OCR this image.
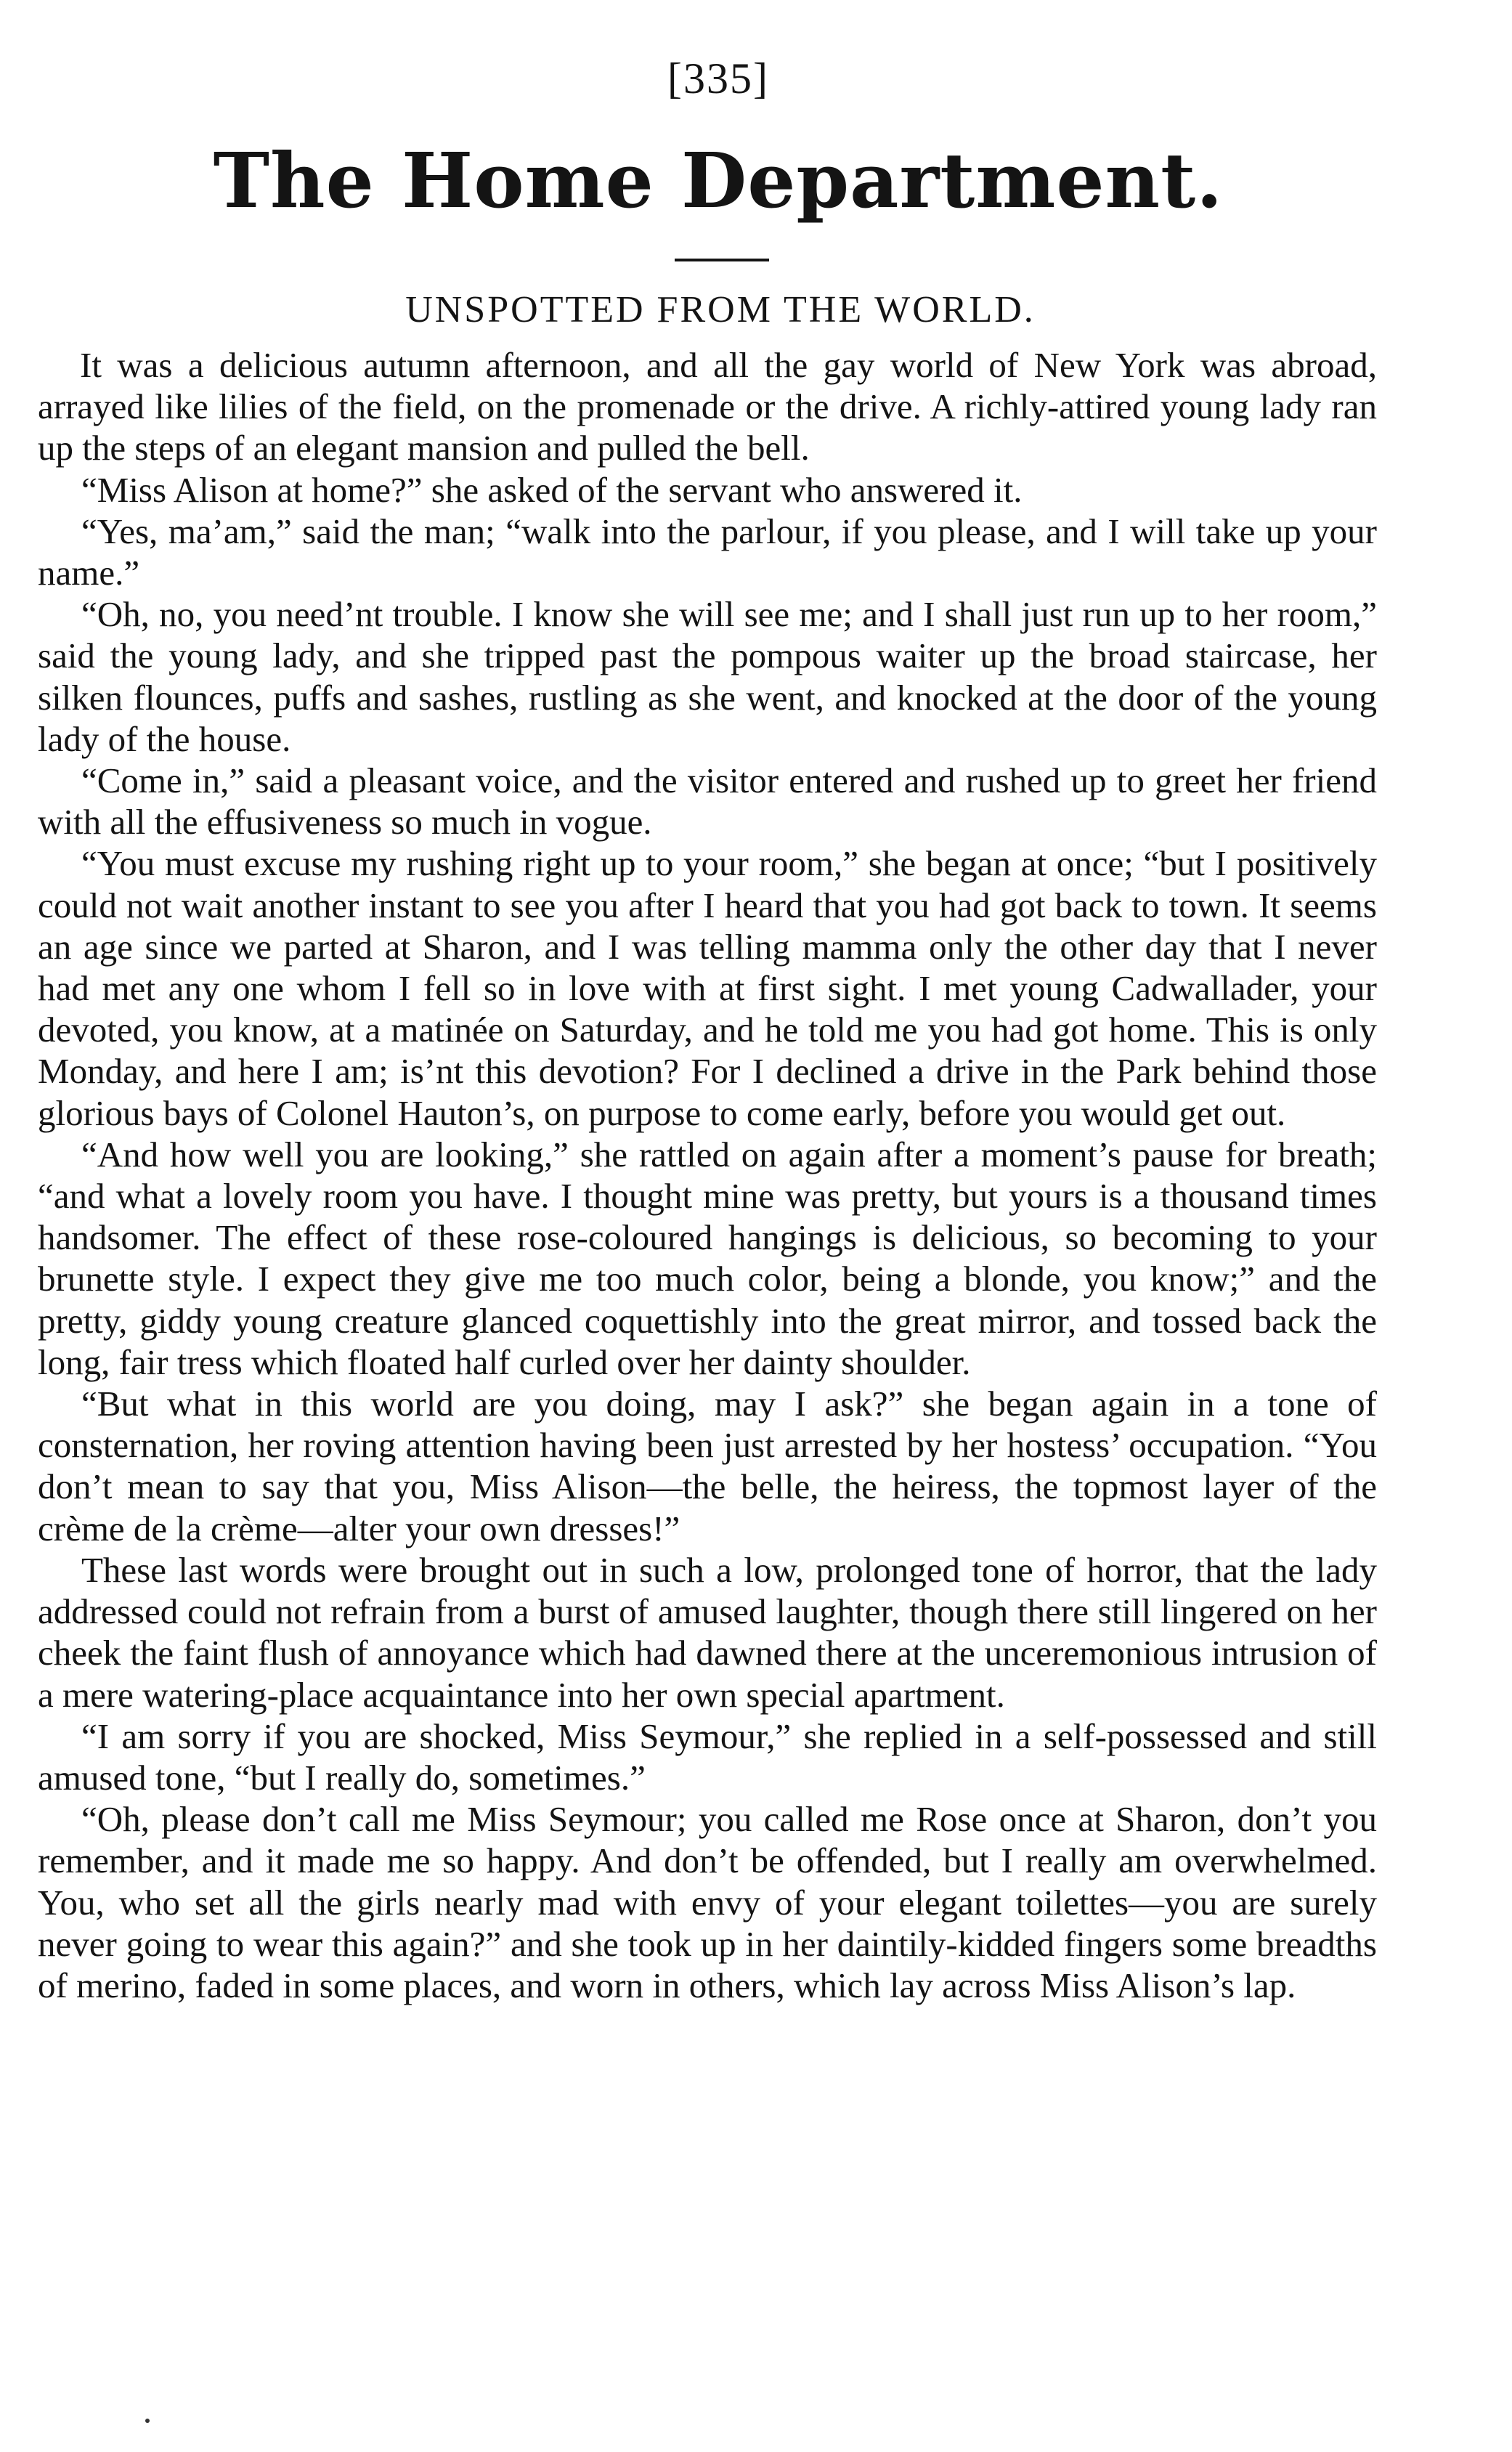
[335]
The Home Department.
UNSPOTTED FROM THE WORLD.

It was a delicious autumn afternoon, and all the gay world of New York was abroad, arrayed like lilies of the field, on the promenade or the drive. A richly-attired young lady ran up the steps of an elegant mansion and pulled the bell.

“Miss Alison at home?” she asked of the servant who answered it.

“Yes, ma’am,” said the man; “walk into the parlour, if you please, and I will take up your name.”

“Oh, no, you need’nt trouble. I know she will see me; and I shall just run up to her room,” said the young lady, and she tripped past the pompous waiter up the broad staircase, her silken flounces, puffs and sashes, rustling as she went, and knocked at the door of the young lady of the house.

“Come in,” said a pleasant voice, and the visitor entered and rushed up to greet her friend with all the effusiveness so much in vogue.

“You must excuse my rushing right up to your room,” she began at once; “but I positively could not wait another instant to see you after I heard that you had got back to town. It seems an age since we parted at Sharon, and I was telling mamma only the other day that I never had met any one whom I fell so in love with at first sight. I met young Cadwallader, your devoted, you know, at a matinée on Saturday, and he told me you had got home. This is only Monday, and here I am; is’nt this devotion? For I declined a drive in the Park behind those glorious bays of Colonel Hauton’s, on purpose to come early, before you would get out.

“And how well you are looking,” she rattled on again after a moment’s pause for breath; “and what a lovely room you have. I thought mine was pretty, but yours is a thousand times handsomer. The effect of these rose-coloured hangings is delicious, so becoming to your brunette style. I expect they give me too much color, being a blonde, you know;” and the pretty, giddy young creature glanced coquettishly into the great mirror, and tossed back the long, fair tress which floated half curled over her dainty shoulder.

“But what in this world are you doing, may I ask?” she began again in a tone of consternation, her roving attention having been just arrested by her hostess’ occupation. “You don’t mean to say that you, Miss Alison—the belle, the heiress, the topmost layer of the crème de la crème—alter your own dresses!”

These last words were brought out in such a low, prolonged tone of horror, that the lady addressed could not refrain from a burst of amused laughter, though there still lingered on her cheek the faint flush of annoyance which had dawned there at the unceremonious intrusion of a mere watering-place acquaintance into her own special apartment.

“I am sorry if you are shocked, Miss Seymour,” she replied in a self-possessed and still amused tone, “but I really do, sometimes.”

“Oh, please don’t call me Miss Seymour; you called me Rose once at Sharon, don’t you remember, and it made me so happy. And don’t be offended, but I really am overwhelmed. You, who set all the girls nearly mad with envy of your elegant toilettes—you are surely never going to wear this again?” and she took up in her daintily-kidded fingers some breadths of merino, faded in some places, and worn in others, which lay across Miss Alison’s lap.
